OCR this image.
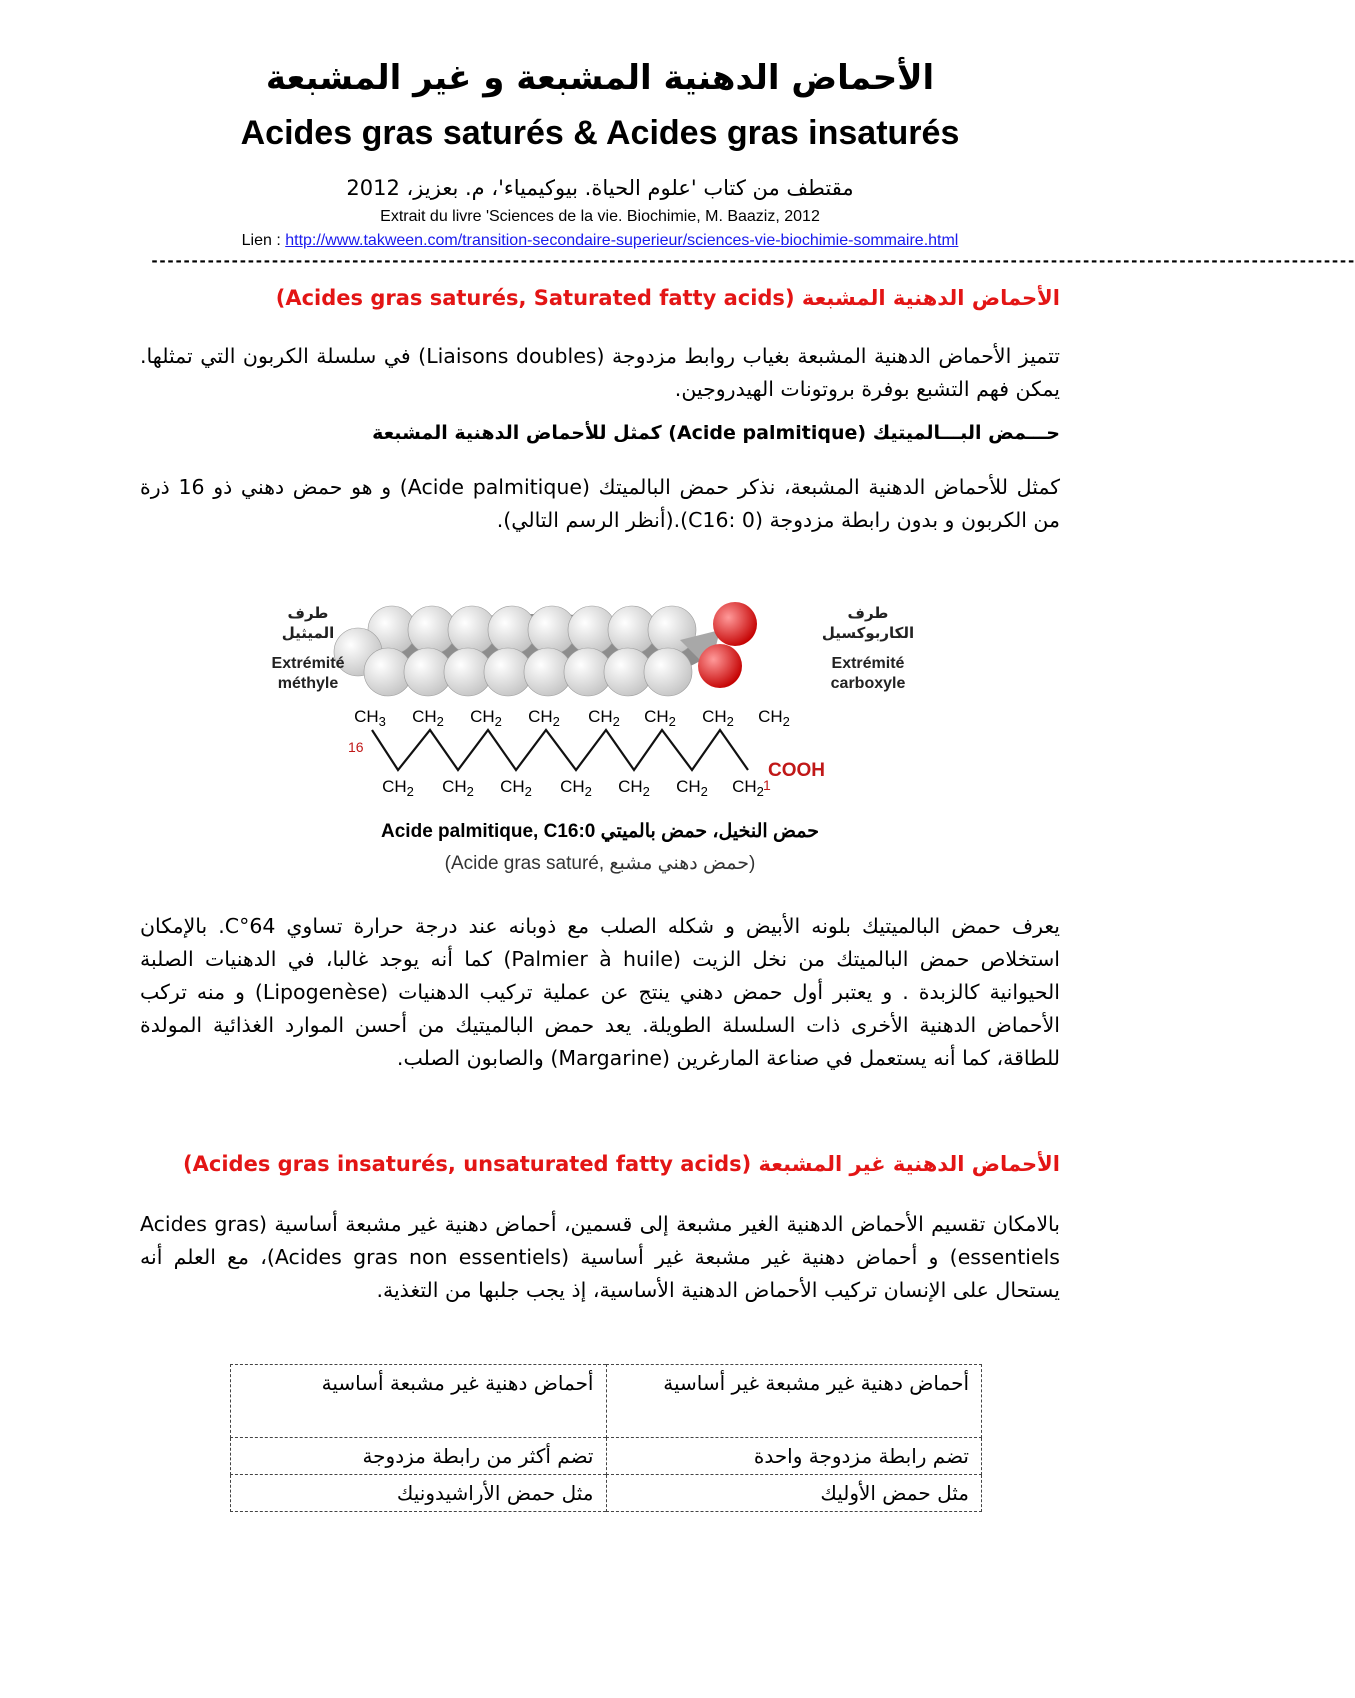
الأحماض الدهنية المشبعة و غير المشبعة
Acides gras saturés & Acides gras insaturés
مقتطف من كتاب 'علوم الحياة. بيوكيمياء'، م. بعزيز، 2012
Extrait du livre 'Sciences de la vie. Biochimie, M. Baaziz, 2012
Lien : http://www.takween.com/transition-secondaire-superieur/sciences-vie-biochimie-sommaire.html
------------------------------------------------------------------------------------------------------------------------------------------------------
الأحماض الدهنية المشبعة (Acides gras saturés, Saturated fatty acids)
تتميز الأحماض الدهنية المشبعة بغياب روابط مزدوجة (Liaisons doubles) في سلسلة الكربون التي تمثلها. يمكن فهم التشبع بوفرة بروتونات الهيدروجين.
حـــمض البـــالميتيك (Acide palmitique) كمثل للأحماض الدهنية المشبعة
كمثل للأحماض الدهنية المشبعة، نذكر حمض البالميتك (Acide palmitique) و هو حمض دهني ذو 16 ذرة من الكربون و بدون رابطة مزدوجة (C16: 0).(أنظر الرسم التالي).
طرف
الميثيل
Extrémité
méthyle
طرف
الكاربوكسيل
Extrémité
carboxyle
$CH_3$ $CH_2$ $CH_2$ $CH_2$ $CH_2$ $CH_2$ $CH_2$ $CH_2$
$CH_2$ $CH_2$ $CH_2$ $CH_2$ $CH_2$ $CH_2$ $CH_2$
16
1
COOH
Acide palmitique, C16:0 حمض النخيل، حمض بالميتي
(Acide gras saturé, حمض دهني مشبع)
يعرف حمض البالميتيك بلونه الأبيض و شكله الصلب مع ذوبانه عند درجة حرارة تساوي 64°C. بالإمكان استخلاص حمض البالميتك من نخل الزيت (Palmier à huile) كما أنه يوجد غالبا، في الدهنيات الصلبة الحيوانية كالزبدة . و يعتبر أول حمض دهني ينتج عن عملية تركيب الدهنيات (Lipogenèse) و منه تركب الأحماض الدهنية الأخرى ذات السلسلة الطويلة. يعد حمض البالميتيك من أحسن الموارد الغذائية المولدة للطاقة، كما أنه يستعمل في صناعة المارغرين (Margarine) والصابون الصلب.
الأحماض الدهنية غير المشبعة (Acides gras insaturés, unsaturated fatty acids)
بالامكان تقسيم الأحماض الدهنية الغير مشبعة إلى قسمين، أحماض دهنية غير مشبعة أساسية (Acides gras essentiels) و أحماض دهنية غير مشبعة غير أساسية (Acides gras non essentiels)، مع العلم أنه يستحال على الإنسان تركيب الأحماض الدهنية الأساسية، إذ يجب جلبها من التغذية.
أحماض دهنية غير مشبعة غير أساسية	أحماض دهنية غير مشبعة أساسية
تضم رابطة مزدوجة واحدة	تضم أكثر من رابطة مزدوجة
مثل حمض الأوليك	مثل حمض الأراشيدونيك
